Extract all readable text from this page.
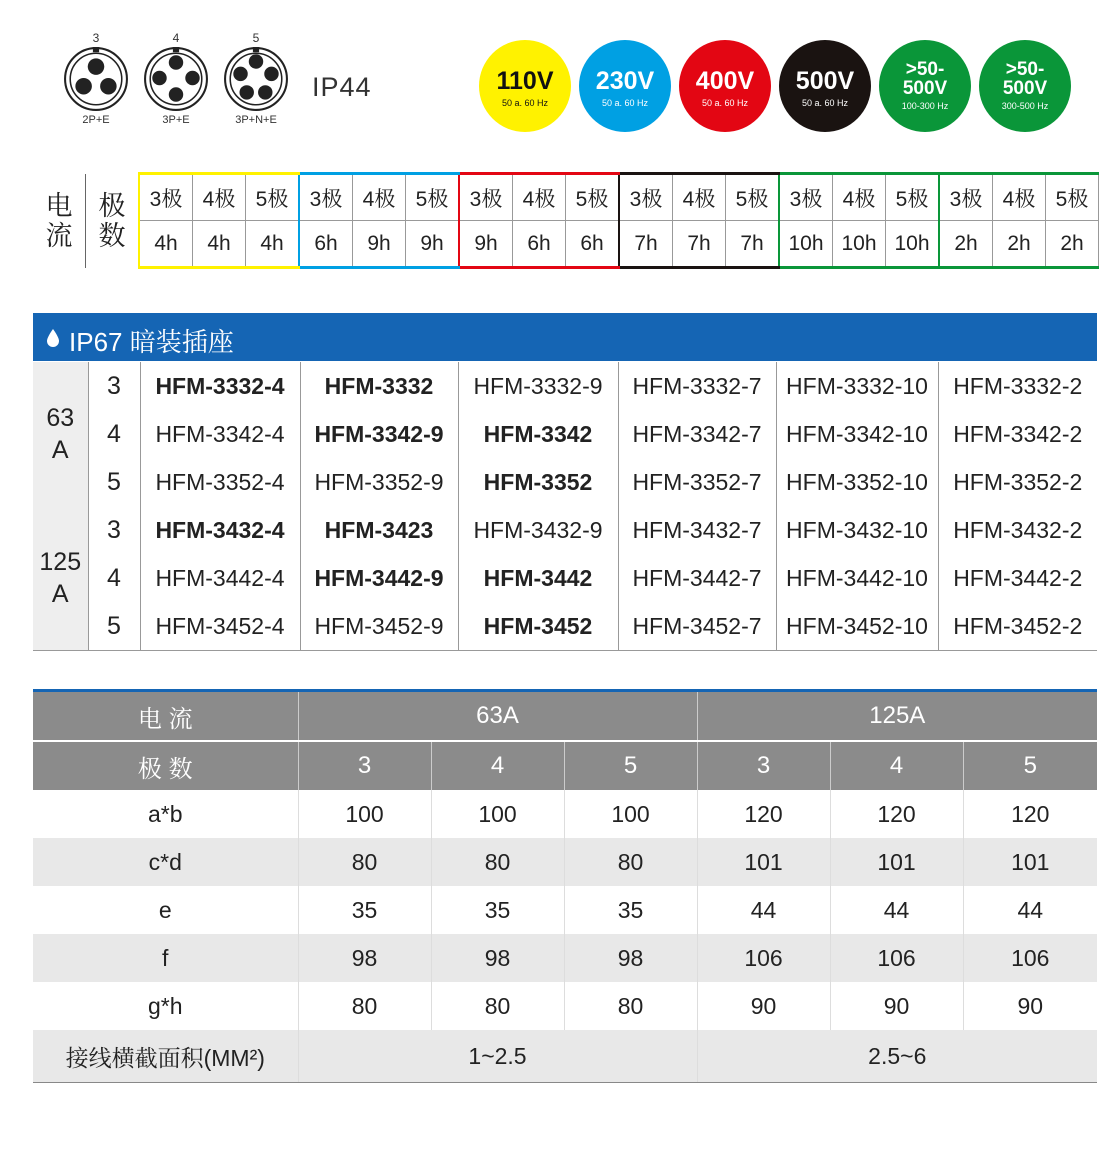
3
2P+E
4
3P+E
5
3P+N+E
IP44	110V
50 a. 60 Hz
230V
50 a. 60 Hz
400V
50 a. 60 Hz
500V
50 a. 60 Hz
>50-
500V
100-300 Hz
>50-
500V
300-500 Hz
电
流	极
数	3极	4极	5极	3极	4极	5极	3极	4极	5极	3极	4极	5极	3极	4极	5极	3极	4极	5极
		4h	4h	4h	6h	9h	9h	9h	6h	6h	7h	7h	7h	10h	10h	10h	2h	2h	2h
IP67 暗装插座
63
A	3	HFM-3332-4	HFM-3332	HFM-3332-9	HFM-3332-7	HFM-3332-10	HFM-3332-2
	4	HFM-3342-4	HFM-3342-9	HFM-3342	HFM-3342-7	HFM-3342-10	HFM-3342-2
	5	HFM-3352-4	HFM-3352-9	HFM-3352	HFM-3352-7	HFM-3352-10	HFM-3352-2
125
A	3	HFM-3432-4	HFM-3423	HFM-3432-9	HFM-3432-7	HFM-3432-10	HFM-3432-2
	4	HFM-3442-4	HFM-3442-9	HFM-3442	HFM-3442-7	HFM-3442-10	HFM-3442-2
	5	HFM-3452-4	HFM-3452-9	HFM-3452	HFM-3452-7	HFM-3452-10	HFM-3452-2
电 流	63A			125A		
极 数	3	4	5	3	4	5
a*b	100	100	100	120	120	120
c*d	80	80	80	101	101	101
e	35	35	35	44	44	44
f	98	98	98	106	106	106
g*h	80	80	80	90	90	90
接线横截面积(MM²)	1~2.5			2.5~6		
